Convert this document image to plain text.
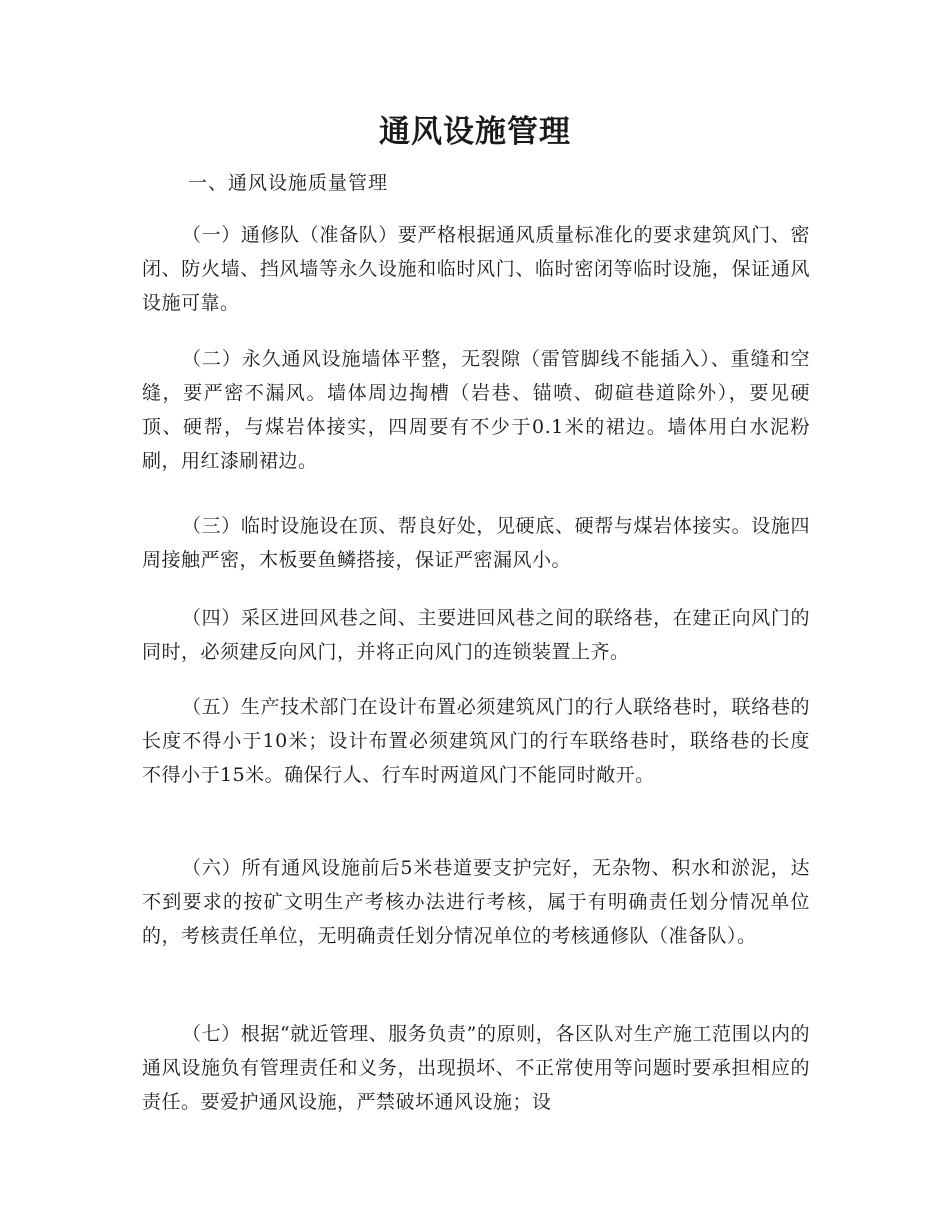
通风设施管理
一、通风设施质量管理

（一）通修队（准备队）要严格根据通风质量标准化的要求建筑风门、密闭、防火墙、挡风墙等永久设施和临时风门、临时密闭等临时设施，保证通风设施可靠。

（二）永久通风设施墙体平整，无裂隙（雷管脚线不能插入）、重缝和空缝，要严密不漏风。墙体周边掏槽（岩巷、锚喷、砌碹巷道除外），要见硬顶、硬帮，与煤岩体接实，四周要有不少于0.1米的裙边。墙体用白水泥粉刷，用红漆刷裙边。

（三）临时设施设在顶、帮良好处，见硬底、硬帮与煤岩体接实。设施四周接触严密，木板要鱼鳞搭接，保证严密漏风小。

（四）采区进回风巷之间、主要进回风巷之间的联络巷，在建正向风门的同时，必须建反向风门，并将正向风门的连锁装置上齐。

（五）生产技术部门在设计布置必须建筑风门的行人联络巷时，联络巷的长度不得小于10米；设计布置必须建筑风门的行车联络巷时，联络巷的长度不得小于15米。确保行人、行车时两道风门不能同时敞开。

（六）所有通风设施前后5米巷道要支护完好，无杂物、积水和淤泥，达不到要求的按矿文明生产考核办法进行考核，属于有明确责任划分情况单位的，考核责任单位，无明确责任划分情况单位的考核通修队（准备队）。

（七）根据“就近管理、服务负责”的原则，各区队对生产施工范围以内的通风设施负有管理责任和义务，出现损坏、不正常使用等问题时要承担相应的责任。要爱护通风设施，严禁破坏通风设施；设
